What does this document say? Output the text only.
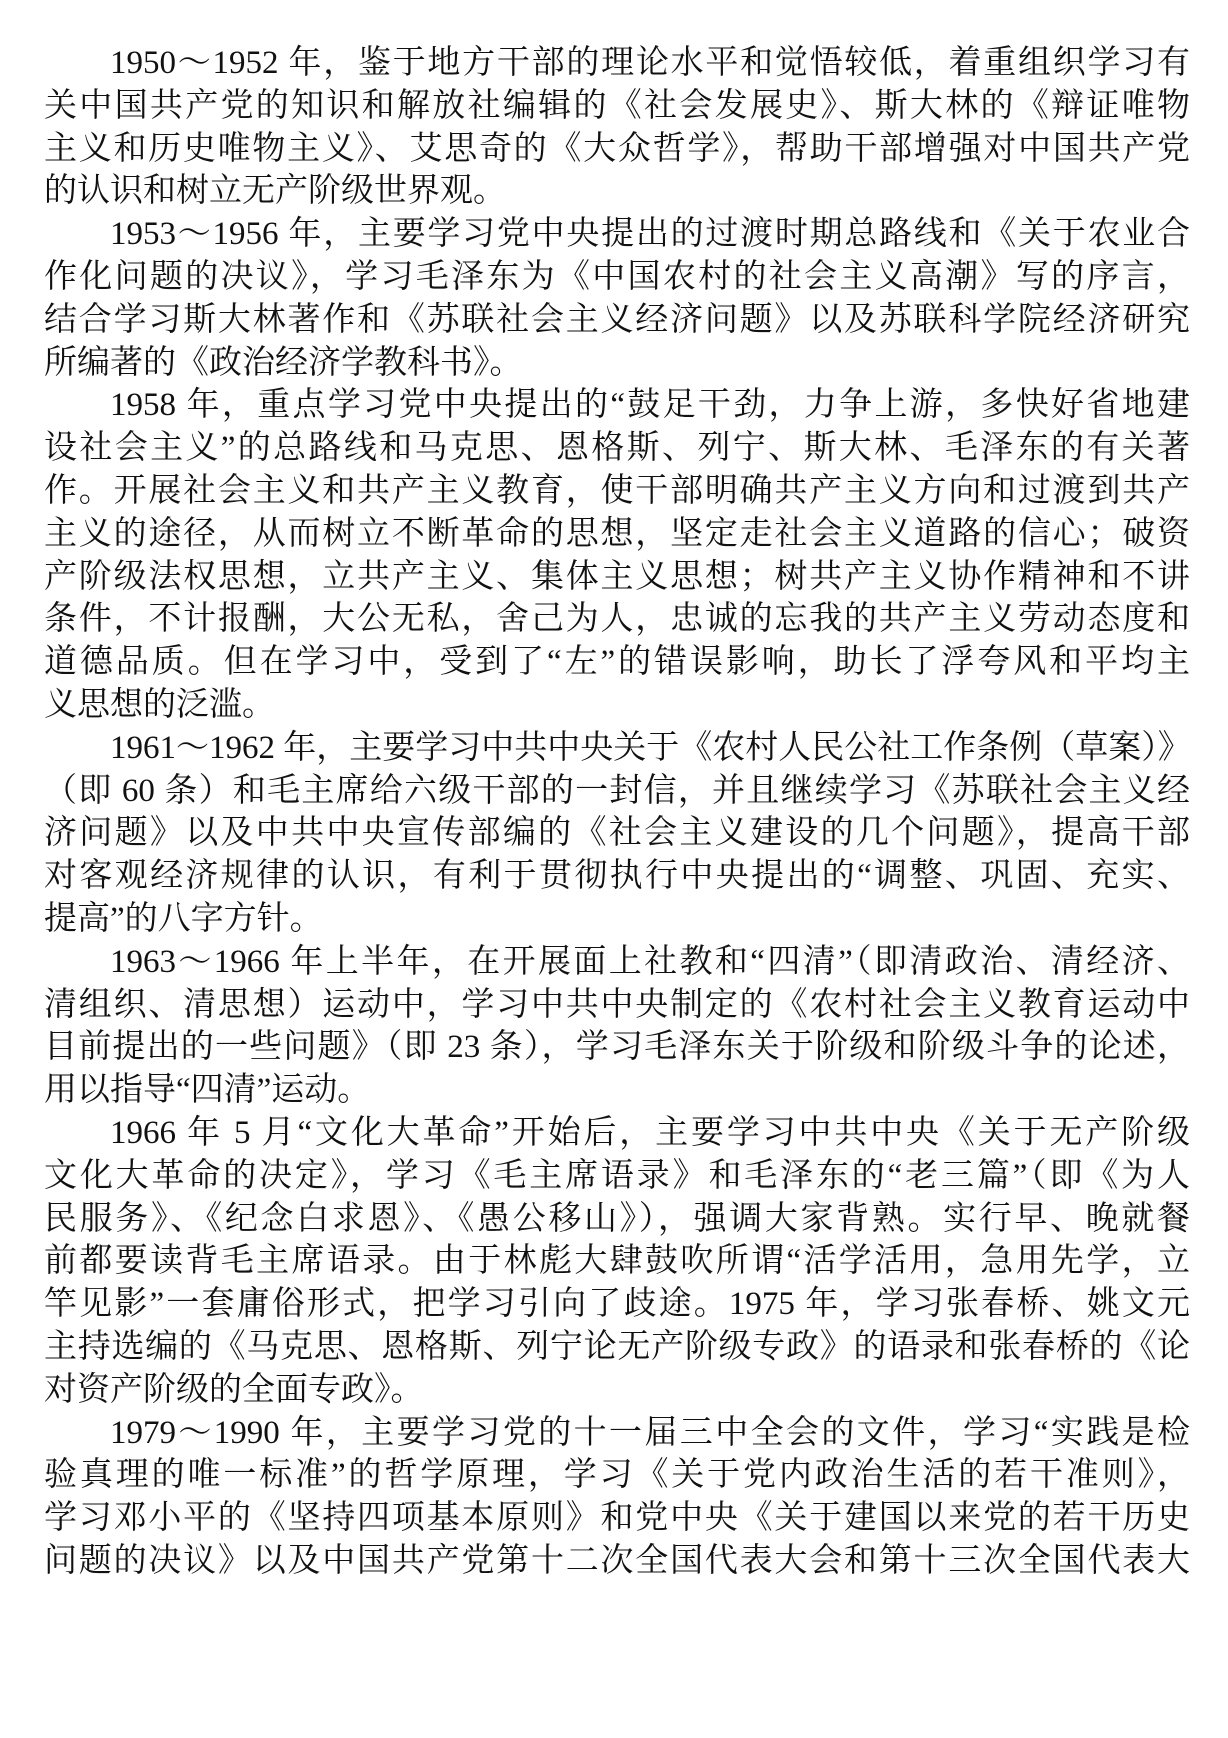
1950～1952 年，鉴于地方干部的理论水平和觉悟较低，着重组织学习有
关中国共产党的知识和解放社编辑的《社会发展史》、斯大林的《辩证唯物
主义和历史唯物主义》、艾思奇的《大众哲学》，帮助干部增强对中国共产党
的认识和树立无产阶级世界观。
1953～1956 年，主要学习党中央提出的过渡时期总路线和《关于农业合
作化问题的决议》，学习毛泽东为《中国农村的社会主义高潮》写的序言，
结合学习斯大林著作和《苏联社会主义经济问题》以及苏联科学院经济研究
所编著的《政治经济学教科书》。
1958 年，重点学习党中央提出的“鼓足干劲，力争上游，多快好省地建
设社会主义”的总路线和马克思、恩格斯、列宁、斯大林、毛泽东的有关著
作。开展社会主义和共产主义教育，使干部明确共产主义方向和过渡到共产
主义的途径，从而树立不断革命的思想，坚定走社会主义道路的信心；破资
产阶级法权思想，立共产主义、集体主义思想；树共产主义协作精神和不讲
条件，不计报酬，大公无私，舍己为人，忠诚的忘我的共产主义劳动态度和
道德品质。但在学习中，受到了“左”的错误影响，助长了浮夸风和平均主
义思想的泛滥。
1961～1962 年，主要学习中共中央关于《农村人民公社工作条例（草案）》
（即 60 条）和毛主席给六级干部的一封信，并且继续学习《苏联社会主义经
济问题》以及中共中央宣传部编的《社会主义建设的几个问题》，提高干部
对客观经济规律的认识，有利于贯彻执行中央提出的“调整、巩固、充实、
提高”的八字方针。
1963～1966 年上半年，在开展面上社教和“四清”（即清政治、清经济、
清组织、清思想）运动中，学习中共中央制定的《农村社会主义教育运动中
目前提出的一些问题》（即 23 条），学习毛泽东关于阶级和阶级斗争的论述，
用以指导“四清”运动。
1966 年 5 月“文化大革命”开始后，主要学习中共中央《关于无产阶级
文化大革命的决定》，学习《毛主席语录》和毛泽东的“老三篇”（即《为人
民服务》、《纪念白求恩》、《愚公移山》），强调大家背熟。实行早、晚就餐
前都要读背毛主席语录。由于林彪大肆鼓吹所谓“活学活用，急用先学，立
竿见影”一套庸俗形式，把学习引向了歧途。1975 年，学习张春桥、姚文元
主持选编的《马克思、恩格斯、列宁论无产阶级专政》的语录和张春桥的《论
对资产阶级的全面专政》。
1979～1990 年，主要学习党的十一届三中全会的文件，学习“实践是检
验真理的唯一标准”的哲学原理，学习《关于党内政治生活的若干准则》，
学习邓小平的《坚持四项基本原则》和党中央《关于建国以来党的若干历史
问题的决议》以及中国共产党第十二次全国代表大会和第十三次全国代表大
